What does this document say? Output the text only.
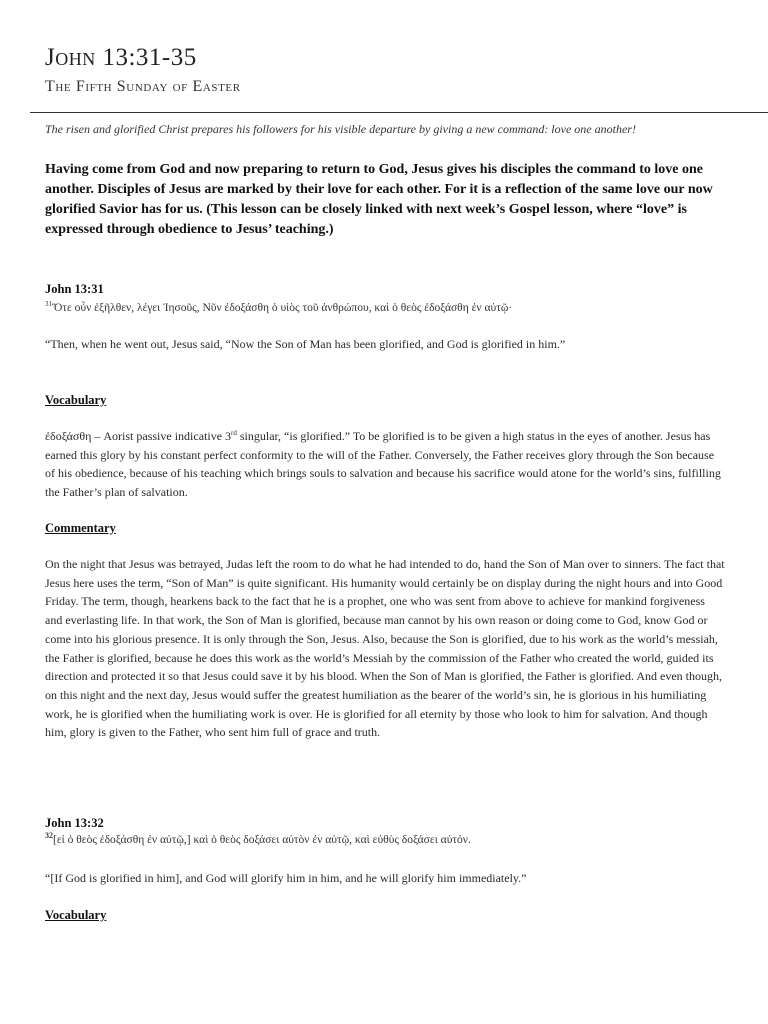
John 13:31-35
The Fifth Sunday of Easter
The risen and glorified Christ prepares his followers for his visible departure by giving a new command: love one another!

Having come from God and now preparing to return to God, Jesus gives his disciples the command to love one another. Disciples of Jesus are marked by their love for each other. For it is a reflection of the same love our now glorified Savior has for us. (This lesson can be closely linked with next week’s Gospel lesson, where “love” is expressed through obedience to Jesus’ teaching.)

John 13:31
$^{31}$Ὅτε οὖν ἐξῆλθεν, λέγει Ἰησοῦς, Νῦν ἐδοξάσθη ὁ υἱὸς τοῦ ἀνθρώπου, καὶ ὁ θεὸς ἐδοξάσθη ἐν αὐτῷ·
“Then, when he went out, Jesus said, “Now the Son of Man has been glorified, and God is glorified in him.”
Vocabulary

ἐδοξάσθη – Aorist passive indicative 3rd singular, “is glorified.” To be glorified is to be given a high status in the eyes of another. Jesus has earned this glory by his constant perfect conformity to the will of the Father. Conversely, the Father receives glory through the Son because of his obedience, because of his teaching which brings souls to salvation and because his sacrifice would atone for the world’s sins, fulfilling the Father’s plan of salvation.

Commentary

On the night that Jesus was betrayed, Judas left the room to do what he had intended to do, hand the Son of Man over to sinners. The fact that Jesus here uses the term, “Son of Man” is quite significant. His humanity would certainly be on display during the night hours and into Good Friday. The term, though, hearkens back to the fact that he is a prophet, one who was sent from above to achieve for mankind forgiveness and everlasting life. In that work, the Son of Man is glorified, because man cannot by his own reason or doing come to God, know God or come into his glorious presence. It is only through the Son, Jesus. Also, because the Son is glorified, due to his work as the world’s messiah, the Father is glorified, because he does this work as the world’s Messiah by the commission of the Father who created the world, guided its direction and protected it so that Jesus could save it by his blood. When the Son of Man is glorified, the Father is glorified. And even though, on this night and the next day, Jesus would suffer the greatest humiliation as the bearer of the world’s sin, he is glorious in his humiliating work, he is glorified when the humiliating work is over. He is glorified for all eternity by those who look to him for salvation. And though him, glory is given to the Father, who sent him full of grace and truth.

John 13:32
$^{32}$[εἰ ὁ θεὸς ἐδοξάσθη ἐν αὐτῷ,] καὶ ὁ θεὸς δοξάσει αὐτὸν ἐν αὐτῷ, καὶ εὐθὺς δοξάσει αὐτόν.
“[If God is glorified in him], and God will glorify him in him, and he will glorify him immediately.”
Vocabulary
